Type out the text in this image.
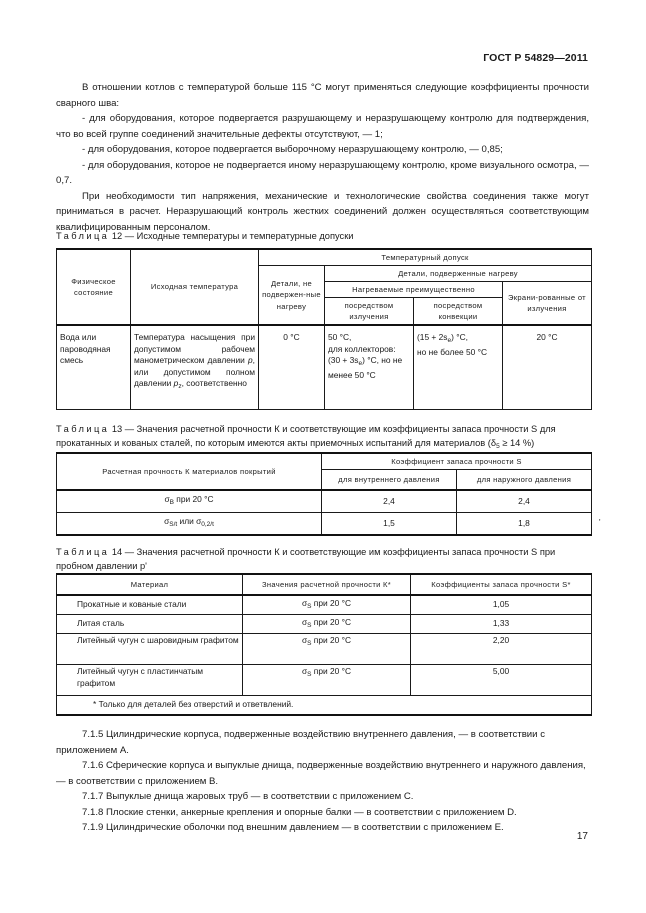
ГОСТ Р 54829—2011

В отношении котлов с температурой больше 115 °С могут применяться следующие коэффициенты прочности сварного шва:

- для оборудования, которое подвергается разрушающему и неразрушающему контролю для подтверждения, что во всей группе соединений значительные дефекты отсутствуют, — 1;

- для оборудования, которое подвергается выборочному неразрушающему контролю, — 0,85;

- для оборудования, которое не подвергается иному неразрушающему контролю, кроме визуального осмотра, — 0,7.

При необходимости тип напряжения, механические и технологические свойства соединения также могут приниматься в расчет. Неразрушающий контроль жестких соединений должен осуществляться соответствующим квалифицированным персоналом.

Таблица 12 — Исходные температуры и температурные допуски
Физическое состояние	Исходная температура	Температурный допуск			
		Детали, не подвержен-ные нагреву	Детали, подверженные нагреву		
			Нагреваемые преимущественно		Экрани-рованные от излучения
			посредством излучения	посредством конвекции	
Вода или пароводяная смесь	Температура насыщения при допустимом рабочем манометрическом давлении p, или допустимом полном давлении $p_z$, соответственно	0 °C	50 °C,
для коллекторов:
$(30 + 3s_e)$ °C, но не
менее 50 °C	$(15 + 2s_e)$ °C,
но не более 50 °C	20 °C
Таблица 13 — Значения расчетной прочности К и соответствующие им коэффициенты запаса прочности S для прокатанных и кованых сталей, по которым имеются акты приемочных испытаний для материалов ($\delta_5 \ge 14$ %)
Расчетная прочность К материалов покрытий	Коэффициент запаса прочности S	
	для внутреннего давления	для наружного давления
$\sigma_B$ при 20 °C	2,4	2,4
$\sigma_{S/t}$ или $\sigma_{0,2/t}$	1,5	1,8	'
Таблица 14 — Значения расчетной прочности К и соответствующие им коэффициенты запаса прочности S при пробном давлении p'
Материал	Значения расчетной прочности К*	Коэффициенты запаса прочности S*
Прокатные и кованые стали	$\sigma_S$ при 20 °C	1,05
Литая сталь	$\sigma_S$ при 20 °C	1,33
Литейный чугун с шаровидным графитом	$\sigma_S$ при 20 °C	2,20
Литейный чугун с пластинчатым графитом	$\sigma_S$ при 20 °C	5,00
* Только для деталей без отверстий и ответвлений.		

7.1.5 Цилиндрические корпуса, подверженные воздействию внутреннего давления, — в соответствии с приложением А.

7.1.6 Сферические корпуса и выпуклые днища, подверженные воздействию внутреннего и наружного давления, — в соответствии с приложением В.

7.1.7 Выпуклые днища жаровых труб — в соответствии с приложением С.

7.1.8 Плоские стенки, анкерные крепления и опорные балки — в соответствии с приложением D.

7.1.9 Цилиндрические оболочки под внешним давлением — в соответствии с приложением Е.

17
